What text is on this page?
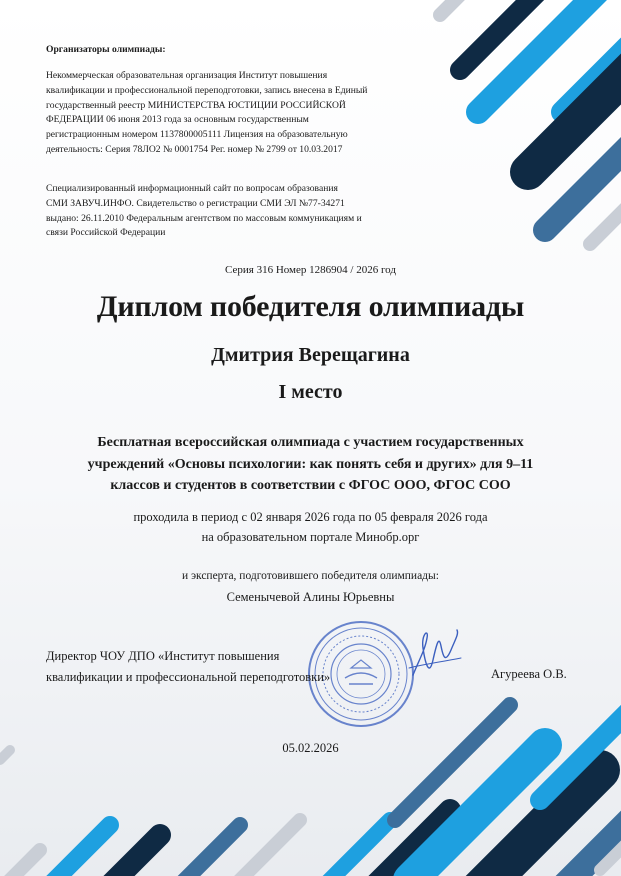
Организаторы олимпиады:
Некоммерческая образовательная организация Институт повышения
квалификации и профессиональной переподготовки, запись внесена в Единый
государственный реестр МИНИСТЕРСТВА ЮСТИЦИИ РОССИЙСКОЙ
ФЕДЕРАЦИИ 06 июня 2013 года за основным государственным
регистрационным номером 1137800005111 Лицензия на образовательную
деятельность: Серия 78ЛО2 № 0001754 Рег. номер № 2799 от 10.03.2017
Специализированный информационный сайт по вопросам образования
СМИ ЗАВУЧ.ИНФО. Свидетельство о регистрации СМИ ЭЛ №77-34271
выдано: 26.11.2010 Федеральным агентством по массовым коммуникациям и
связи Российской Федерации
Серия 316 Номер 1286904 / 2026 год
Диплом победителя олимпиады
Дмитрия Верещагина
I место
Бесплатная всероссийская олимпиада с участием государственных
учреждений «Основы психологии: как понять себя и других» для 9–11
классов и студентов в соответствии с ФГОС ООО, ФГОС СОО
проходила в период с 02 января 2026 года по 05 февраля 2026 года
на образовательном портале Минобр.орг
и эксперта, подготовившего победителя олимпиады:
Семенычевой Алины Юрьевны
Директор ЧОУ ДПО «Институт повышения
квалификации и профессиональной переподготовки»	Агуреева О.В.
05.02.2026
